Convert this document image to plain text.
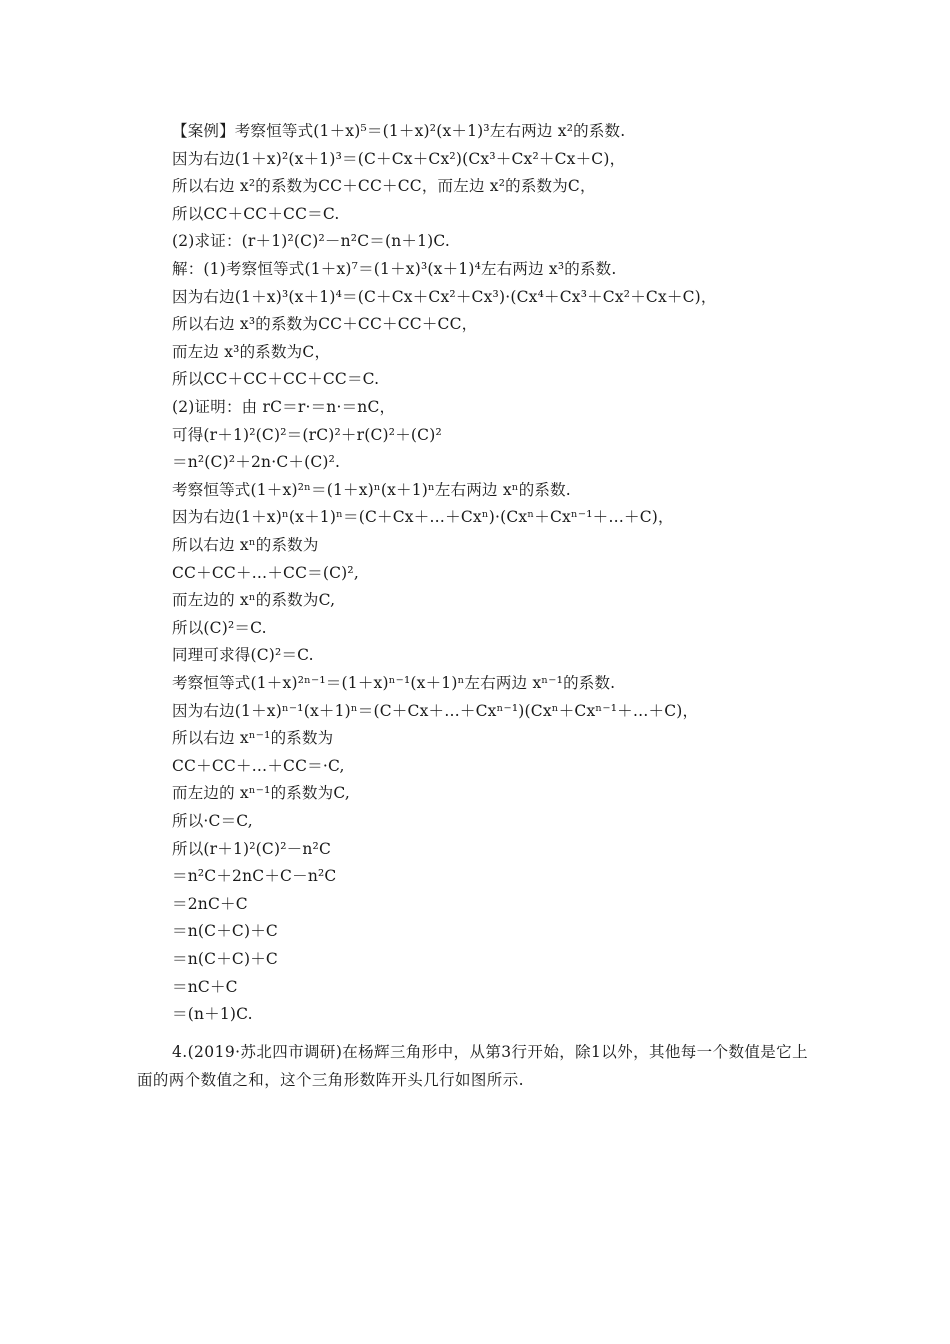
【案例】考察恒等式(1＋x)⁵＝(1＋x)²(x＋1)³左右两边 x²的系数.
因为右边(1＋x)²(x＋1)³＝(C＋Cx＋Cx²)(Cx³＋Cx²＋Cx＋C)，
所以右边 x²的系数为CC＋CC＋CC，而左边 x²的系数为C，
所以CC＋CC＋CC＝C.
(2)求证：(r＋1)²(C)²－n²C＝(n＋1)C.
解：(1)考察恒等式(1＋x)⁷＝(1＋x)³(x＋1)⁴左右两边 x³的系数.
因为右边(1＋x)³(x＋1)⁴＝(C＋Cx＋Cx²＋Cx³)·(Cx⁴＋Cx³＋Cx²＋Cx＋C)，
所以右边 x³的系数为CC＋CC＋CC＋CC，
而左边 x³的系数为C，
所以CC＋CC＋CC＋CC＝C.
(2)证明：由 rC＝r·＝n·＝nC，
可得(r＋1)²(C)²＝(rC)²＋r(C)²＋(C)²
＝n²(C)²＋2n·C＋(C)².
考察恒等式(1＋x)²ⁿ＝(1＋x)ⁿ(x＋1)ⁿ左右两边 xⁿ的系数.
因为右边(1＋x)ⁿ(x＋1)ⁿ＝(C＋Cx＋…＋Cxⁿ)·(Cxⁿ＋Cxⁿ⁻¹＋…＋C)，
所以右边 xⁿ的系数为
CC＋CC＋…＋CC＝(C)²,
而左边的 xⁿ的系数为C,
所以(C)²＝C.
同理可求得(C)²＝C.
考察恒等式(1＋x)²ⁿ⁻¹＝(1＋x)ⁿ⁻¹(x＋1)ⁿ左右两边 xⁿ⁻¹的系数.
因为右边(1＋x)ⁿ⁻¹(x＋1)ⁿ＝(C＋Cx＋…＋Cxⁿ⁻¹)(Cxⁿ＋Cxⁿ⁻¹＋…＋C)，
所以右边 xⁿ⁻¹的系数为
CC＋CC＋…＋CC＝·C,
而左边的 xⁿ⁻¹的系数为C,
所以·C＝C,
所以(r＋1)²(C)²－n²C
＝n²C＋2nC＋C－n²C
＝2nC＋C
＝n(C＋C)＋C
＝n(C＋C)＋C
＝nC＋C
＝(n＋1)C.
4.(2019·苏北四市调研)在杨辉三角形中，从第3行开始，除1以外，其他每一个数值是它上面的两个数值之和，这个三角形数阵开头几行如图所示.
